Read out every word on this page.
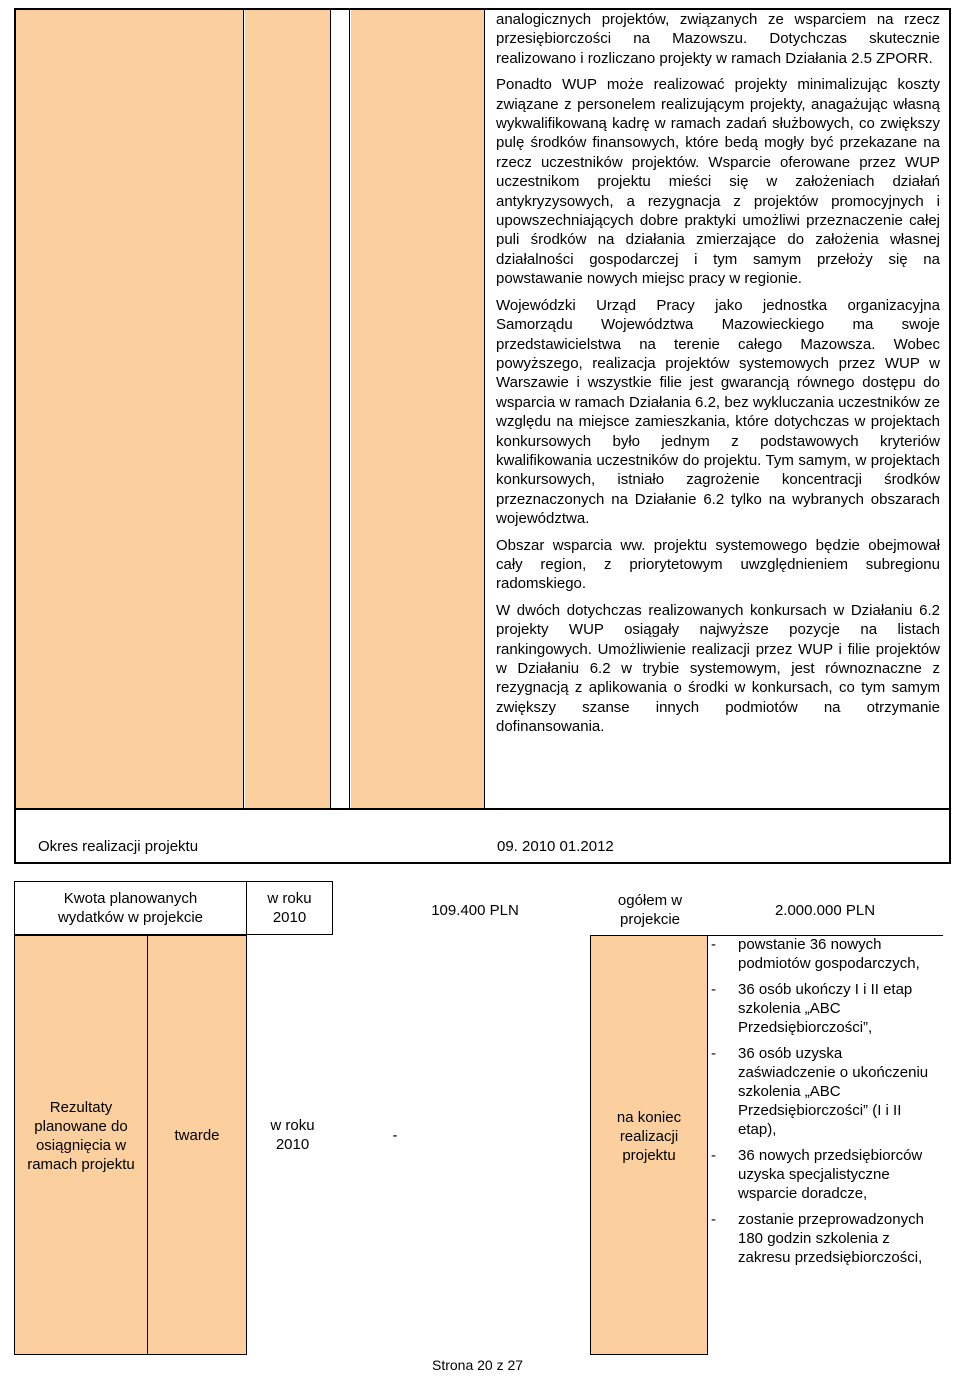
analogicznych projektów, związanych ze wsparciem na rzecz przesiębiorczości na Mazowszu. Dotychczas skutecznie realizowano i rozliczano projekty w ramach Działania 2.5 ZPORR.

Ponadto WUP może realizować projekty minimalizując koszty związane z personelem realizującym projekty, anagażując własną wykwalifikowaną kadrę w ramach zadań służbowych, co zwiększy pulę środków finansowych, które bedą mogły być przekazane na rzecz uczestników projektów. Wsparcie oferowane przez WUP uczestnikom projektu mieści się w założeniach działań antykryzysowych, a rezygnacja z projektów promocyjnych i upowszechniających dobre praktyki umożliwi przeznaczenie całej puli środków na działania zmierzające do założenia własnej działalności gospodarczej i tym samym przełoży się na powstawanie nowych miejsc pracy w regionie.

Wojewódzki Urząd Pracy jako jednostka organizacyjna Samorządu Województwa Mazowieckiego ma swoje przedstawicielstwa na terenie całego Mazowsza. Wobec powyższego, realizacja projektów systemowych przez WUP w Warszawie i wszystkie filie jest gwarancją równego dostępu do wsparcia w ramach Działania 6.2, bez wykluczania uczestników ze względu na miejsce zamieszkania, które dotychczas w projektach konkursowych było jednym z podstawowych kryteriów kwalifikowania uczestników do projektu. Tym samym, w projektach konkursowych, istniało zagrożenie koncentracji środków przeznaczonych na Działanie 6.2 tylko na wybranych obszarach województwa.

Obszar wsparcia ww. projektu systemowego będzie obejmował cały region, z priorytetowym uwzględnieniem subregionu radomskiego.

W dwóch dotychczas realizowanych konkursach w Działaniu 6.2 projekty WUP osiągały najwyższe pozycje na listach rankingowych. Umożliwienie realizacji przez WUP i filie projektów w Działaniu 6.2 w trybie systemowym, jest równoznaczne z rezygnacją z aplikowania o środki w konkursach, co tym samym zwiększy szanse innych podmiotów na otrzymanie dofinansowania.

Okres realizacji projektu	09. 2010 01.2012
Kwota planowanych wydatków w projekcie
w roku 2010	109.400 PLN
ogółem w projekcie
2.000.000 PLN
Rezultaty planowane do osiągnięcia w ramach projektu
twarde
w roku 2010
-
na koniec realizacji projektu
- powstanie 36 nowych podmiotów gospodarczych,
- 36 osób ukończy I i II etap szkolenia „ABC Przedsiębiorczości”,
- 36 osób uzyska zaświadczenie o ukończeniu szkolenia „ABC Przedsiębiorczości” (I i II etap),
- 36 nowych przedsiębiorców uzyska specjalistyczne wsparcie doradcze,
- zostanie przeprowadzonych 180 godzin szkolenia z zakresu przedsiębiorczości,
Strona 20 z 27
